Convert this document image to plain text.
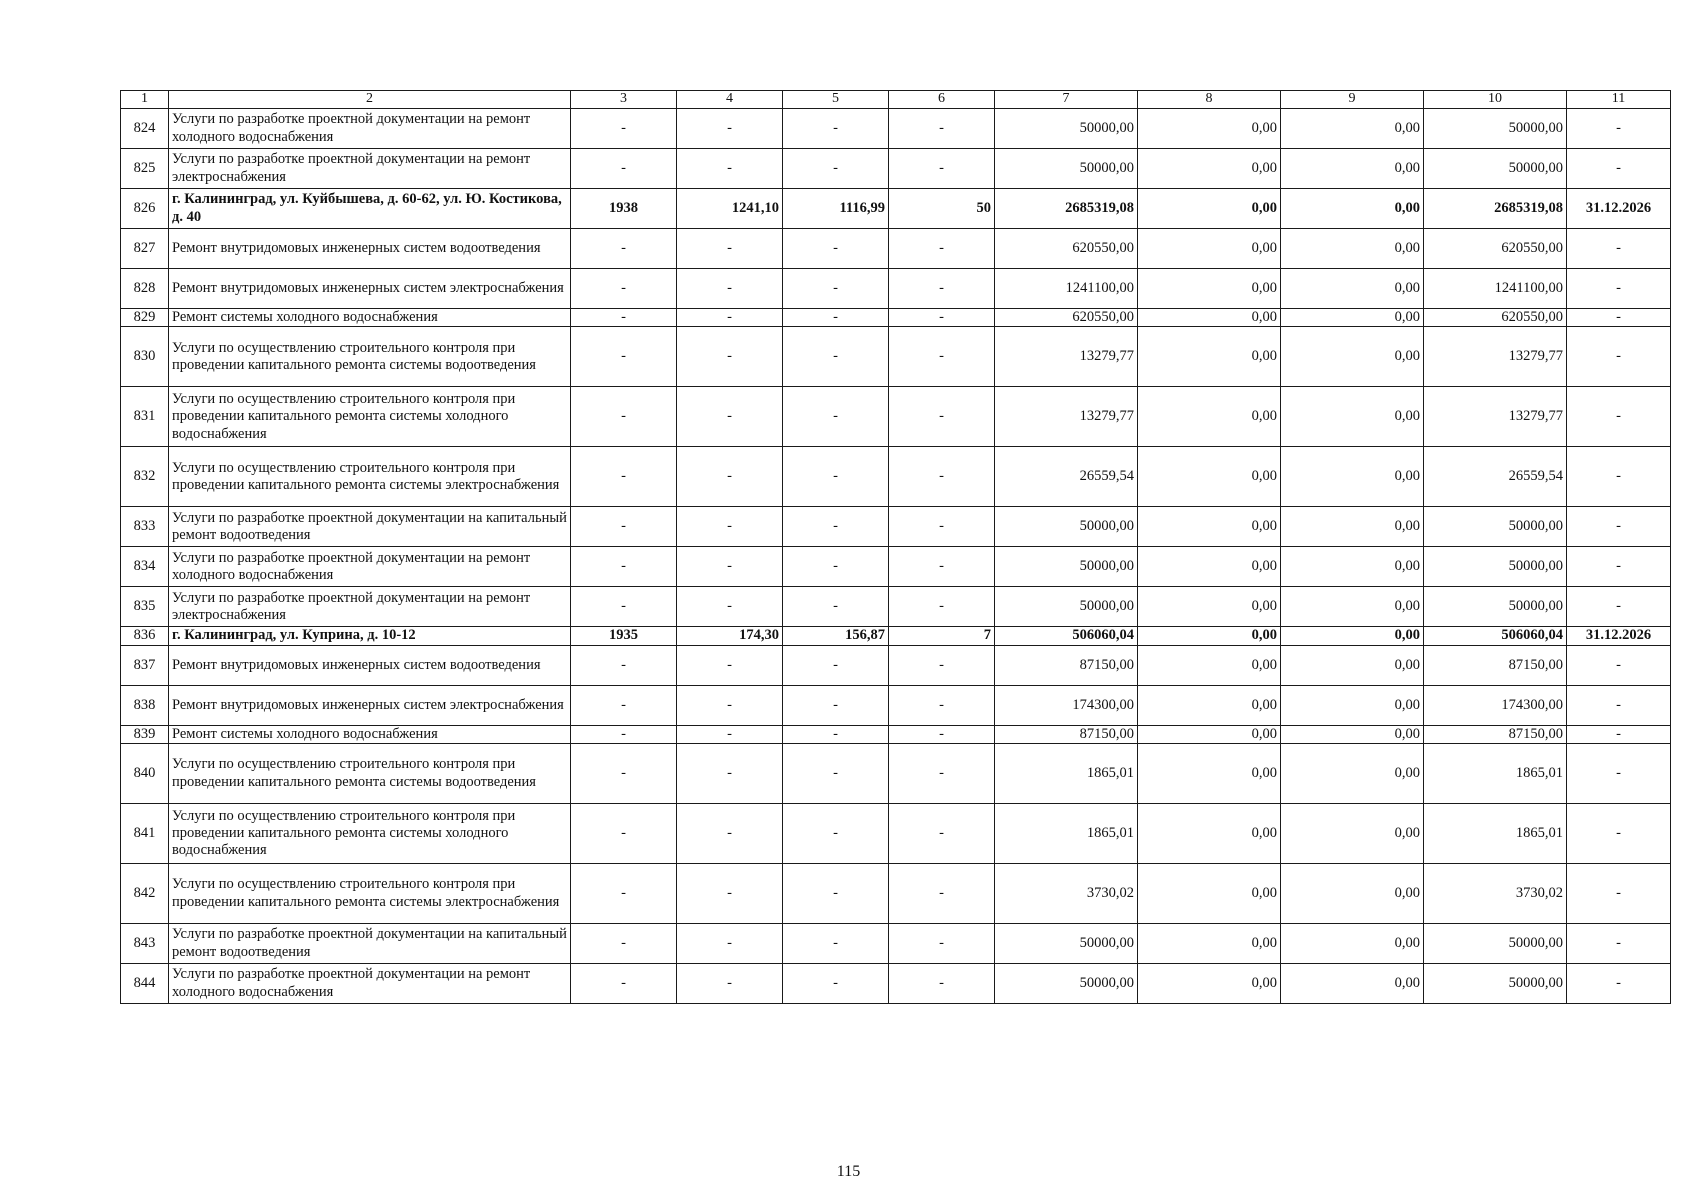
1	2	3	4	5	6	7	8	9	10	11
824	Услуги по разработке проектной документации на ремонт холодного водоснабжения	-	-	-	-	50000,00	0,00	0,00	50000,00	-
825	Услуги по разработке проектной документации на ремонт электроснабжения	-	-	-	-	50000,00	0,00	0,00	50000,00	-
826	г. Калининград, ул. Куйбышева, д. 60-62, ул. Ю. Костикова, д. 40	1938	1241,10	1116,99	50	2685319,08	0,00	0,00	2685319,08	31.12.2026
827	Ремонт внутридомовых инженерных систем водоотведения	-	-	-	-	620550,00	0,00	0,00	620550,00	-
828	Ремонт внутридомовых инженерных систем электроснабжения	-	-	-	-	1241100,00	0,00	0,00	1241100,00	-
829	Ремонт системы холодного водоснабжения	-	-	-	-	620550,00	0,00	0,00	620550,00	-
830	Услуги по осуществлению строительного контроля при проведении капитального ремонта системы водоотведения	-	-	-	-	13279,77	0,00	0,00	13279,77	-
831	Услуги по осуществлению строительного контроля при проведении капитального ремонта системы холодного водоснабжения	-	-	-	-	13279,77	0,00	0,00	13279,77	-
832	Услуги по осуществлению строительного контроля при проведении капитального ремонта системы электроснабжения	-	-	-	-	26559,54	0,00	0,00	26559,54	-
833	Услуги по разработке проектной документации на капитальный ремонт водоотведения	-	-	-	-	50000,00	0,00	0,00	50000,00	-
834	Услуги по разработке проектной документации на ремонт холодного водоснабжения	-	-	-	-	50000,00	0,00	0,00	50000,00	-
835	Услуги по разработке проектной документации на ремонт электроснабжения	-	-	-	-	50000,00	0,00	0,00	50000,00	-
836	г. Калининград, ул. Куприна, д. 10-12	1935	174,30	156,87	7	506060,04	0,00	0,00	506060,04	31.12.2026
837	Ремонт внутридомовых инженерных систем водоотведения	-	-	-	-	87150,00	0,00	0,00	87150,00	-
838	Ремонт внутридомовых инженерных систем электроснабжения	-	-	-	-	174300,00	0,00	0,00	174300,00	-
839	Ремонт системы холодного водоснабжения	-	-	-	-	87150,00	0,00	0,00	87150,00	-
840	Услуги по осуществлению строительного контроля при проведении капитального ремонта системы водоотведения	-	-	-	-	1865,01	0,00	0,00	1865,01	-
841	Услуги по осуществлению строительного контроля при проведении капитального ремонта системы холодного водоснабжения	-	-	-	-	1865,01	0,00	0,00	1865,01	-
842	Услуги по осуществлению строительного контроля при проведении капитального ремонта системы электроснабжения	-	-	-	-	3730,02	0,00	0,00	3730,02	-
843	Услуги по разработке проектной документации на капитальный ремонт водоотведения	-	-	-	-	50000,00	0,00	0,00	50000,00	-
844	Услуги по разработке проектной документации на ремонт холодного водоснабжения	-	-	-	-	50000,00	0,00	0,00	50000,00	-
115
